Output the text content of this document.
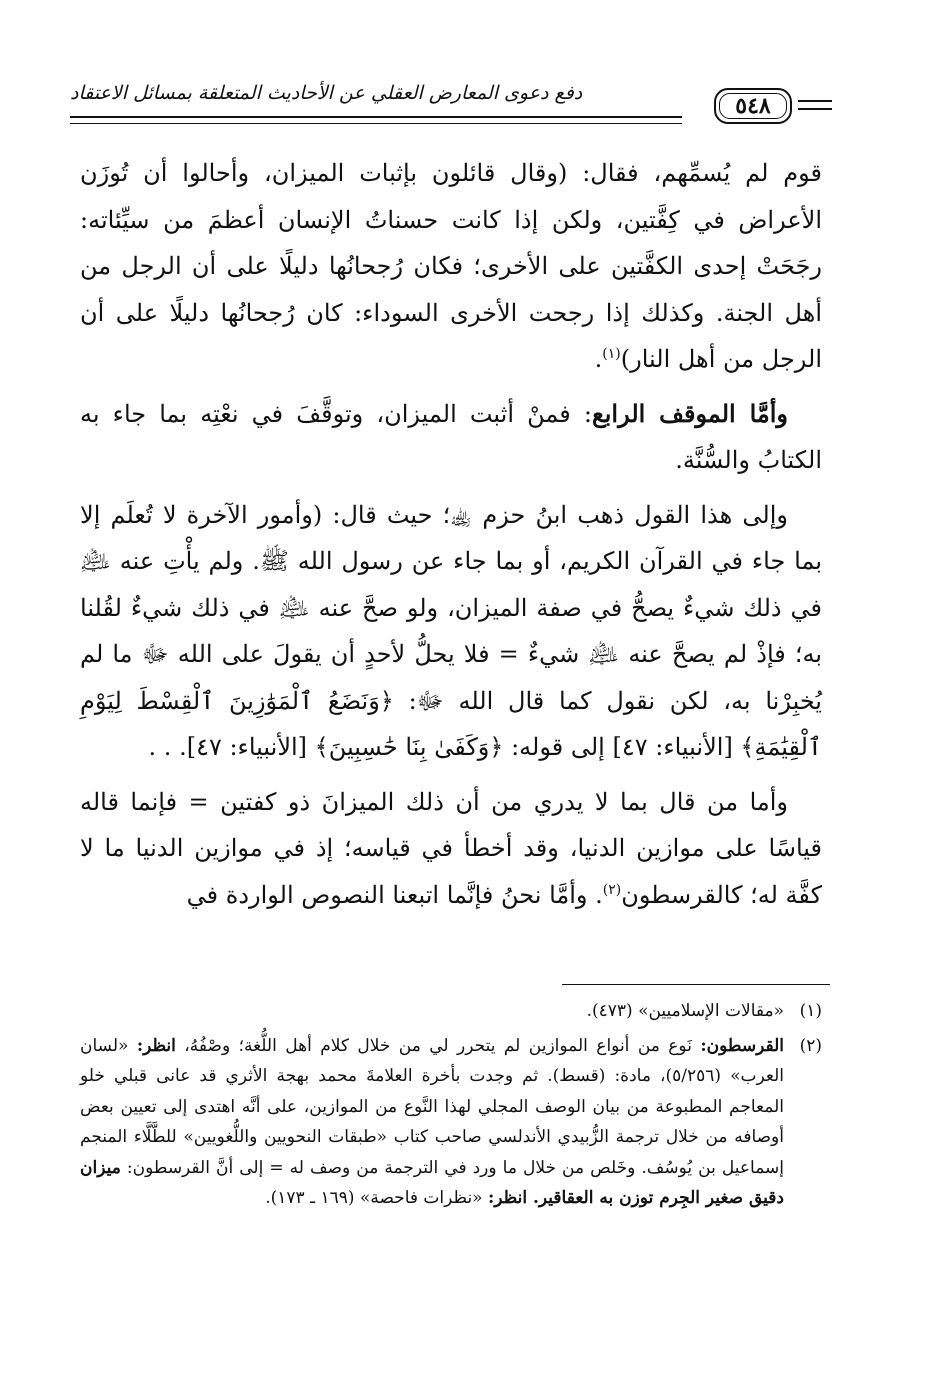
٥٤٨
دفع دعوى المعارض العقلي عن الأحاديث المتعلقة بمسائل الاعتقاد

قوم لم يُسمِّهم، فقال: (وقال قائلون بإثبات الميزان، وأحالوا أن تُوزَن الأعراض في كِفَّتين، ولكن إذا كانت حسناتُ الإنسان أعظمَ من سيِّئاته: رجَحَتْ إحدى الكفَّتين على الأخرى؛ فكان رُجحانُها دليلًا على أن الرجل من أهل الجنة. وكذلك إذا رجحت الأخرى السوداء: كان رُجحانُها دليلًا على أن الرجل من أهل النار)$^{(١)}$.

وأمَّا الموقف الرابع: فمنْ أثبت الميزان، وتوقَّفَ في نعْتِه بما جاء به الكتابُ والسُّنَّة.

وإلى هذا القول ذهب ابنُ حزم ﵀؛ حيث قال: (وأمور الآخرة لا تُعلَم إلا بما جاء في القرآن الكريم، أو بما جاء عن رسول الله ﷺ. ولم يأْتِ عنه ﵇ في ذلك شيءٌ يصحُّ في صفة الميزان، ولو صحَّ عنه ﵇ في ذلك شيءٌ لقُلنا به؛ فإذْ لم يصحَّ عنه ﵇ شيءٌ = فلا يحلُّ لأحدٍ أن يقولَ على الله ﷻ ما لم يُخبِرْنا به، لكن نقول كما قال الله ﷻ: ﴿وَنَضَعُ ٱلْمَوَٰزِينَ ٱلْقِسْطَ لِيَوْمِ ٱلْقِيَٰمَةِ﴾ [الأنبياء: ٤٧] إلى قوله: ﴿وَكَفَىٰ بِنَا حَٰسِبِينَ﴾ [الأنبياء: ٤٧]. . .

وأما من قال بما لا يدري من أن ذلك الميزانَ ذو كفتين = فإنما قاله قياسًا على موازين الدنيا، وقد أخطأ في قياسه؛ إذ في موازين الدنيا ما لا كفَّة له؛ كالقرسطون$^{(٢)}$. وأمَّا نحنُ فإنَّما اتبعنا النصوص الواردة في

(١)
«مقالات الإسلاميين» (٤٧٣).
(٢)
القرسطون: نَوع من أنواع الموازين لم يتحرر لي من خلال كلام أهل اللُّغة؛ وصْفُهُ، انظر: «لسان العرب» (٥/٢٥٦)، مادة: (قسط). ثم وجدت بأخرة العلامةَ محمد بهجة الأثري قد عانى قبلي خلو المعاجم المطبوعة من بيان الوصف المجلي لهذا النَّوع من الموازين، على أنَّه اهتدى إلى تعيين بعض أوصافه من خلال ترجمة الزُّبيدي الأندلسي صاحب كتاب «طبقات النحويين واللُّغويين» للطَّلَّاء المنجم إسماعيل بن يُوسُف. وخَلص من خلال ما ورد في الترجمة من وصف له = إلى أنَّ القرسطون: ميزان دقيق صغير الجِرم توزن به العقاقير. انظر: «نظرات فاحصة» (١٦٩ ـ ١٧٣).
